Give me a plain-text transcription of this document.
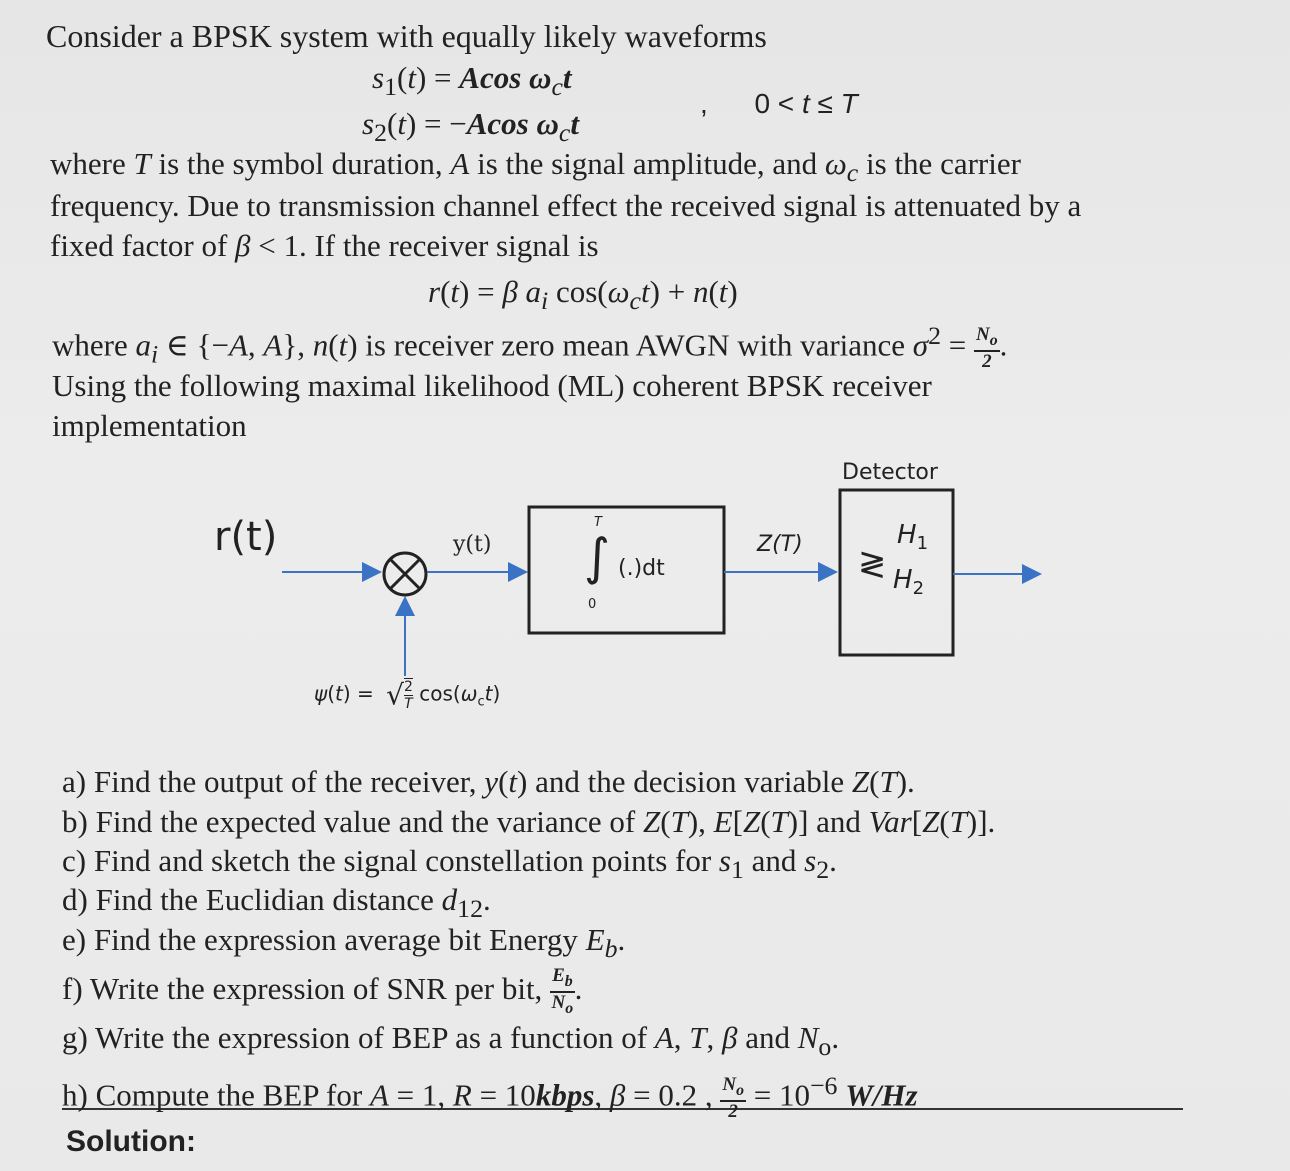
Consider a BPSK system with equally likely waveforms
$s_1(t) = Acos$ $\omega_ct$
$s_2(t) = -Acos$ $\omega_ct$
,      0 < t ≤ T
where T is the symbol duration, A is the signal amplitude, and $\omega_c$ is the carrier
frequency. Due to transmission channel effect the received signal is attenuated by a
fixed factor of β < 1. If the receiver signal is
r(t) = β $a_i$ $\cos(\omega_ct) + n(t)$
where $a_i$ ∈ {−A, A}, n(t) is receiver zero mean AWGN with variance $\sigma^2 = \frac{N_o}{2}$ .
Using the following maximal likelihood (ML) coherent BPSK receiver
implementation
r(t)	y(t)
T
∫
0
(.)dt
Z(T)
Detector
≷
$H_1$
$H_2$
ψ(t) = √ $\frac{2}{T} \cos(\omega_ct)$
a) Find the output of the receiver, y(t) and the decision variable Z(T).
b) Find the expected value and the variance of Z(T), E[Z(T)] and Var[Z(T)].
c) Find and sketch the signal constellation points for $s_1$ and $s_2$.
d) Find the Euclidian distance $d_{12}$.
e) Find the expression average bit Energy $E_b$.
f) Write the expression of SNR per bit, $\frac{E_b}{N_o}$ .
g) Write the expression of BEP as a function of A, T, β and $N_o$.
h) Compute the BEP for A = 1, R = 10kbps, β = 0.2 , $\frac{N_o}{2} = 10^{-6}$ W/Hz
Solution:
